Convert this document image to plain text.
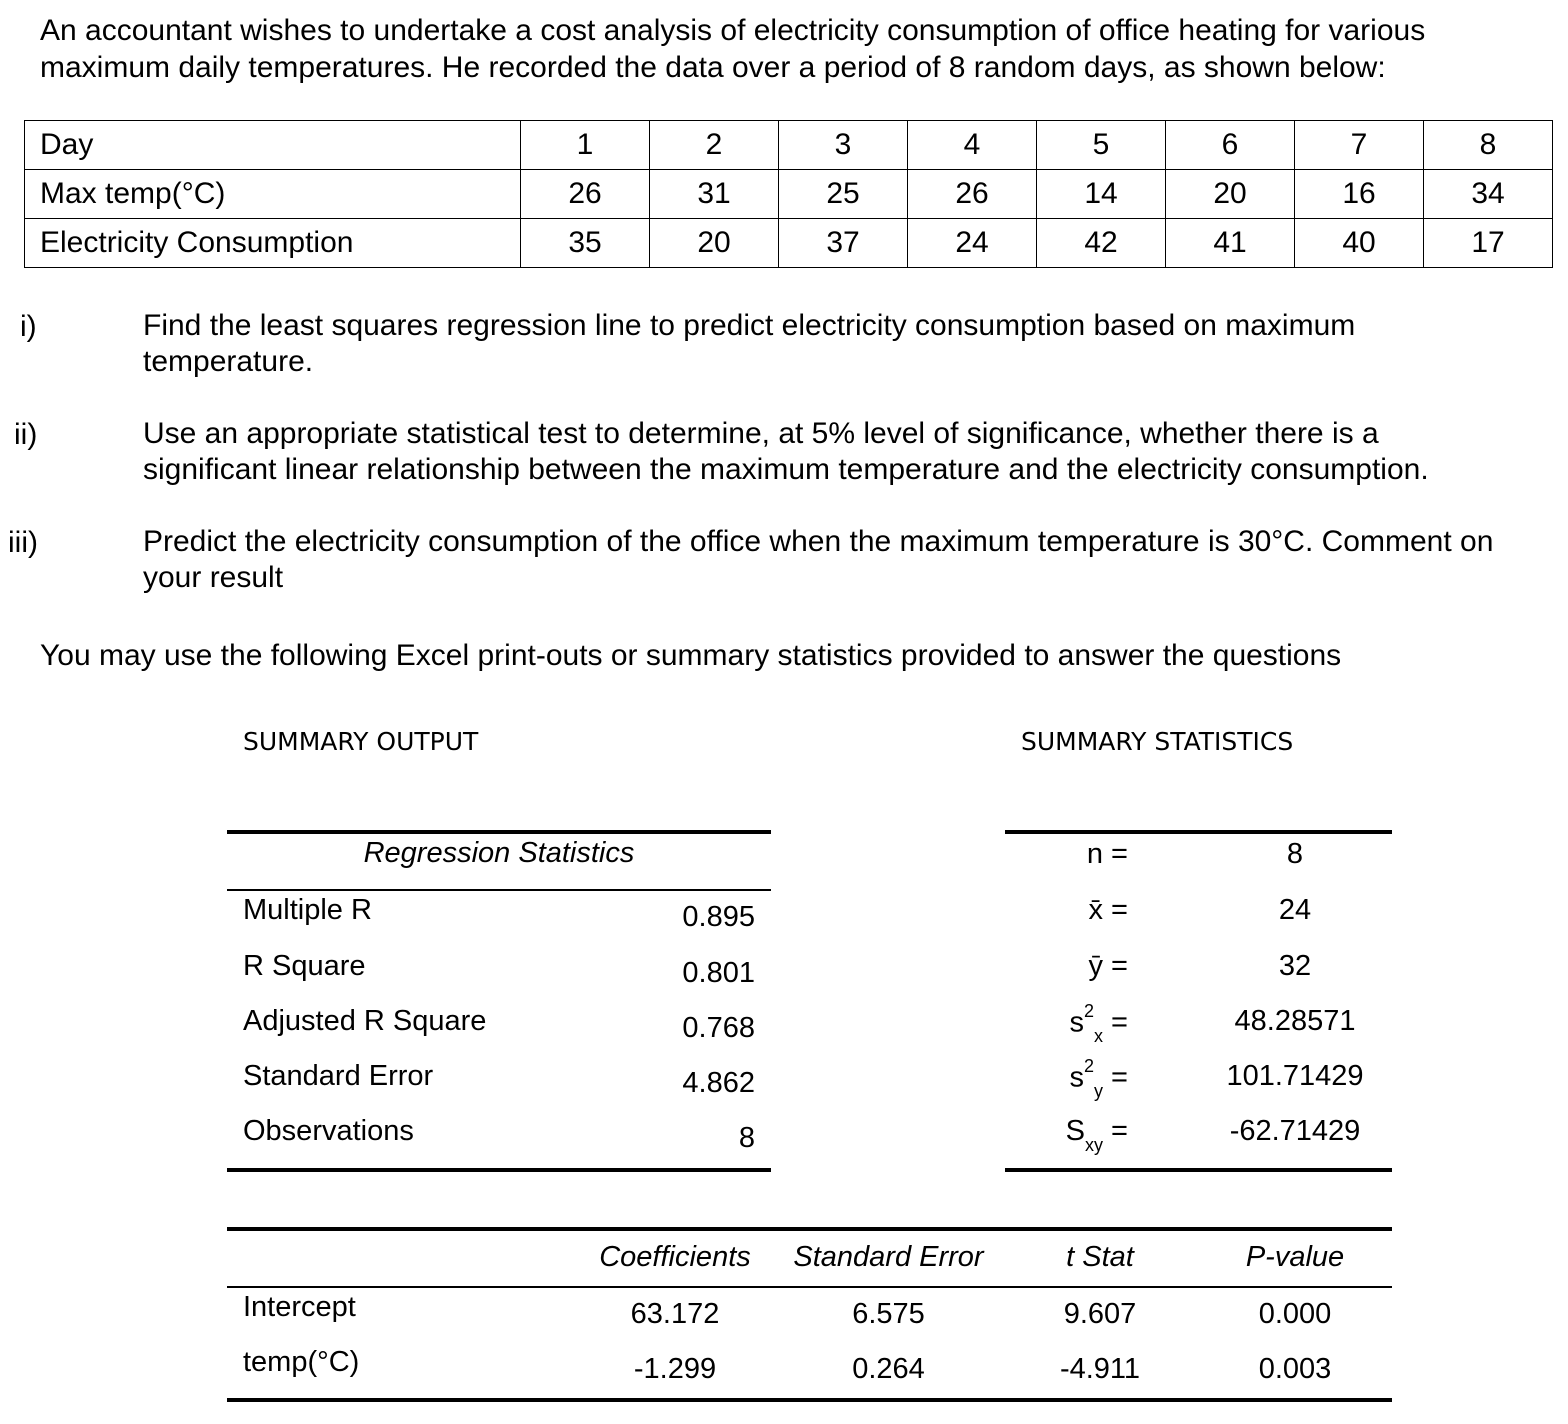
An accountant wishes to undertake a cost analysis of electricity consumption of office heating for various
maximum daily temperatures. He recorded the data over a period of 8 random days, as shown below:
Day	1	2	3	4	5	6	7	8
Max temp(°C)	26	31	25	26	14	20	16	34
Electricity Consumption	35	20	37	24	42	41	40	17
i)	Find the least squares regression line to predict electricity consumption based on maximum
temperature.
ii)	Use an appropriate statistical test to determine, at 5% level of significance, whether there is a
significant linear relationship between the maximum temperature and the electricity consumption.
iii)	Predict the electricity consumption of the office when the maximum temperature is 30°C. Comment on
your result
You may use the following Excel print-outs or summary statistics provided to answer the questions
SUMMARY OUTPUT	SUMMARY STATISTICS
Regression Statistics
Multiple R	0.895
R Square	0.801
Adjusted R Square	0.768
Standard Error	4.862
Observations	8
n =	8
x̄ =	24
ȳ =	32
$s^2_x$ =	48.28571
$s^2_y$ =	101.71429
$S_{xy}$ =	-62.71429
Coefficients	Standard Error	t Stat	P-value
Intercept	63.172	6.575	9.607	0.000
temp(°C)	-1.299	0.264	-4.911	0.003
